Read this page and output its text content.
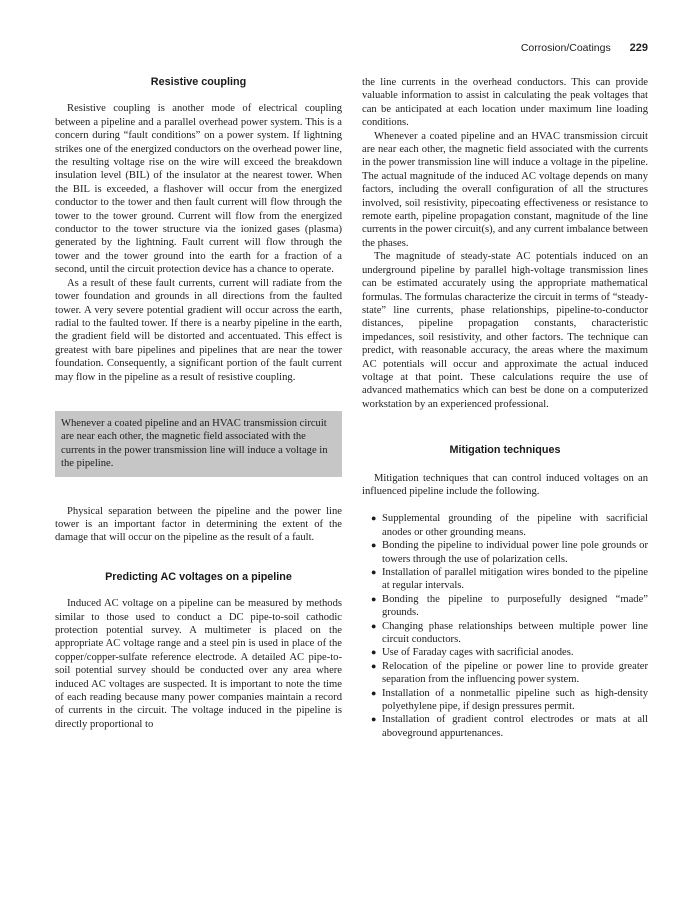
Corrosion/Coatings 229
Resistive coupling

Resistive coupling is another mode of electrical coupling between a pipeline and a parallel overhead power system. This is a concern during “fault conditions” on a power system. If lightning strikes one of the energized conductors on the overhead power line, the resulting voltage rise on the wire will exceed the breakdown insulation level (BIL) of the insulator at the nearest tower. When the BIL is exceeded, a flashover will occur from the energized conductor to the tower and then fault current will flow through the tower to the tower ground. Current will flow from the energized conductor to the tower structure via the ionized gases (plasma) generated by the lightning. Fault current will flow through the tower and the tower ground into the earth for a fraction of a second, until the circuit protection device has a chance to operate.

As a result of these fault currents, current will radiate from the tower foundation and grounds in all directions from the faulted tower. A very severe potential gradient will occur across the earth, radial to the faulted tower. If there is a nearby pipeline in the earth, the gradient field will be distorted and accentuated. This effect is greatest with bare pipelines and pipelines that are near the tower foundation. Consequently, a significant portion of the fault current may flow in the pipeline as a result of resistive coupling.

Whenever a coated pipeline and an HVAC transmission circuit are near each other, the magnetic field associated with the currents in the power transmission line will induce a voltage in the pipeline.

Physical separation between the pipeline and the power line tower is an important factor in determining the extent of the damage that will occur on the pipeline as the result of a fault.

Predicting AC voltages on a pipeline

Induced AC voltage on a pipeline can be measured by methods similar to those used to conduct a DC pipe-to-soil cathodic protection potential survey. A multimeter is placed on the appropriate AC voltage range and a steel pin is used in place of the copper/copper-sulfate reference electrode. A detailed AC pipe-to-soil potential survey should be conducted over any area where induced AC voltages are suspected. It is important to note the time of each reading because many power companies maintain a record of currents in the circuit. The voltage induced in the pipeline is directly proportional to

the line currents in the overhead conductors. This can provide valuable information to assist in calculating the peak voltages that can be anticipated at each location under maximum line loading conditions.

Whenever a coated pipeline and an HVAC transmission circuit are near each other, the magnetic field associated with the currents in the power transmission line will induce a voltage in the pipeline. The actual magnitude of the induced AC voltage depends on many factors, including the overall configuration of all the structures involved, soil resistivity, pipecoating effectiveness or resistance to remote earth, pipeline propagation constant, magnitude of the line currents in the power circuit(s), and any current imbalance between the phases.

The magnitude of steady-state AC potentials induced on an underground pipeline by parallel high-voltage transmission lines can be estimated accurately using the appropriate mathematical formulas. The formulas characterize the circuit in terms of “steady-state” line currents, phase relationships, pipeline-to-conductor distances, pipeline propagation constants, characteristic impedances, soil resistivity, and other factors. The technique can predict, with reasonable accuracy, the areas where the maximum AC potentials will occur and approximate the actual induced voltage at that point. These calculations require the use of advanced mathematics which can best be done on a computerized workstation by an experienced professional.

Mitigation techniques

Mitigation techniques that can control induced voltages on an influenced pipeline include the following.

● Supplemental grounding of the pipeline with sacrificial anodes or other grounding means.
● Bonding the pipeline to individual power line pole grounds or towers through the use of polarization cells.
● Installation of parallel mitigation wires bonded to the pipeline at regular intervals.
● Bonding the pipeline to purposefully designed “made” grounds.
● Changing phase relationships between multiple power line circuit conductors.
● Use of Faraday cages with sacrificial anodes.
● Relocation of the pipeline or power line to provide greater separation from the influencing power system.
● Installation of a nonmetallic pipeline such as high-density polyethylene pipe, if design pressures permit.
● Installation of gradient control electrodes or mats at all aboveground appurtenances.
